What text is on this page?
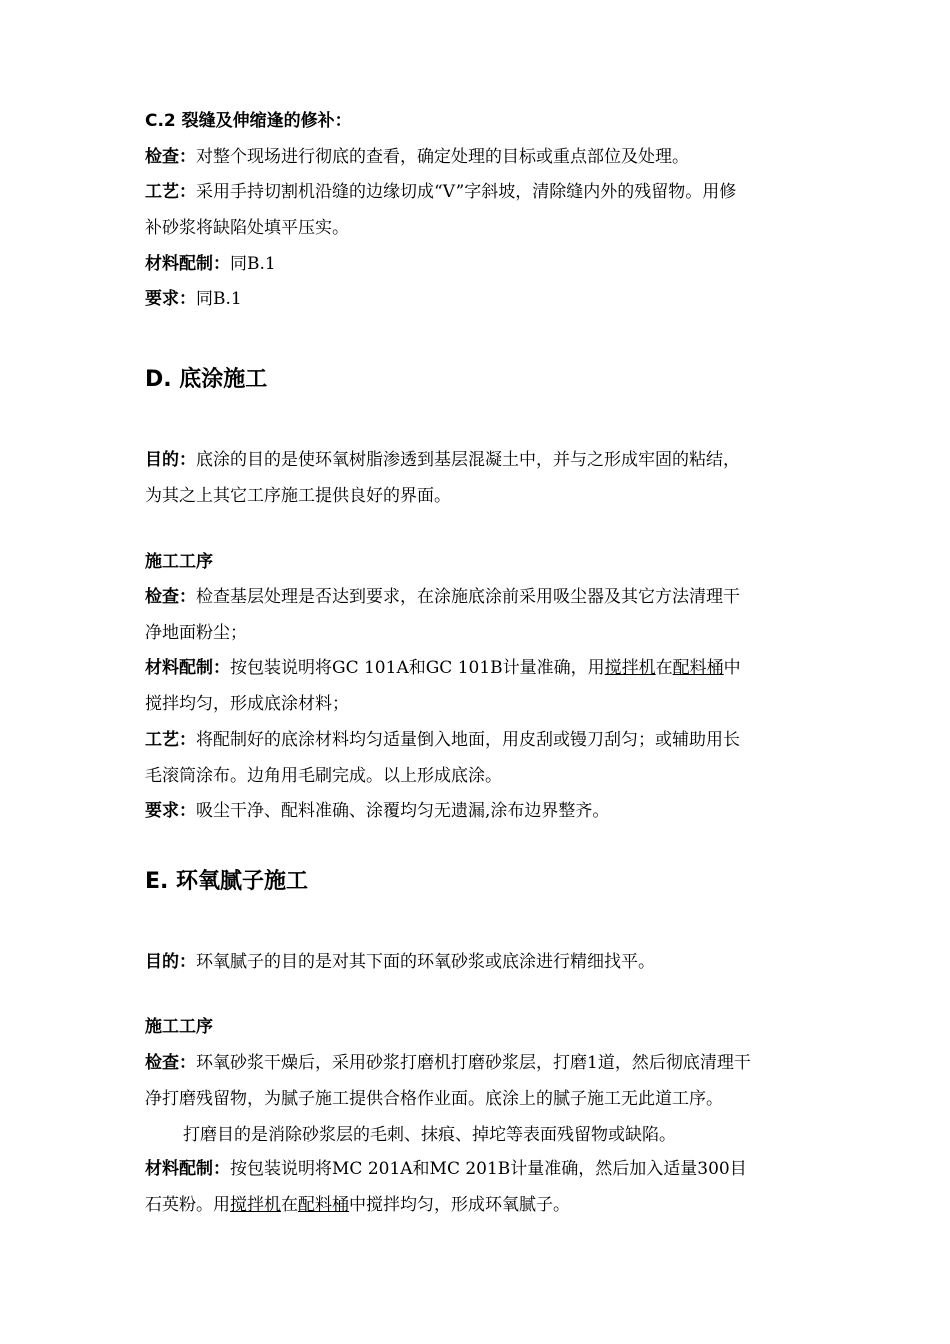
C.2 裂缝及伸缩逢的修补：
检查：对整个现场进行彻底的查看，确定处理的目标或重点部位及处理。
工艺：采用手持切割机沿缝的边缘切成“V”字斜坡，清除缝内外的残留物。用修
补砂浆将缺陷处填平压实。
材料配制：同B.1
要求：同B.1
D. 底涂施工
目的：底涂的目的是使环氧树脂渗透到基层混凝土中，并与之形成牢固的粘结，
为其之上其它工序施工提供良好的界面。
施工工序
检查：检查基层处理是否达到要求，在涂施底涂前采用吸尘器及其它方法清理干
净地面粉尘；
材料配制：按包装说明将GC 101A和GC 101B计量准确，用搅拌机在配料桶中
搅拌均匀，形成底涂材料；
工艺：将配制好的底涂材料均匀适量倒入地面，用皮刮或镘刀刮匀；或辅助用长
毛滚筒涂布。边角用毛刷完成。以上形成底涂。
要求：吸尘干净、配料准确、涂覆均匀无遗漏,涂布边界整齐。
E. 环氧腻子施工
目的：环氧腻子的目的是对其下面的环氧砂浆或底涂进行精细找平。
施工工序
检查：环氧砂浆干燥后，采用砂浆打磨机打磨砂浆层，打磨1道，然后彻底清理干
净打磨残留物，为腻子施工提供合格作业面。底涂上的腻子施工无此道工序。
打磨目的是消除砂浆层的毛刺、抹痕、掉坨等表面残留物或缺陷。
材料配制：按包装说明将MC 201A和MC 201B计量准确，然后加入适量300目
石英粉。用搅拌机在配料桶中搅拌均匀，形成环氧腻子。
